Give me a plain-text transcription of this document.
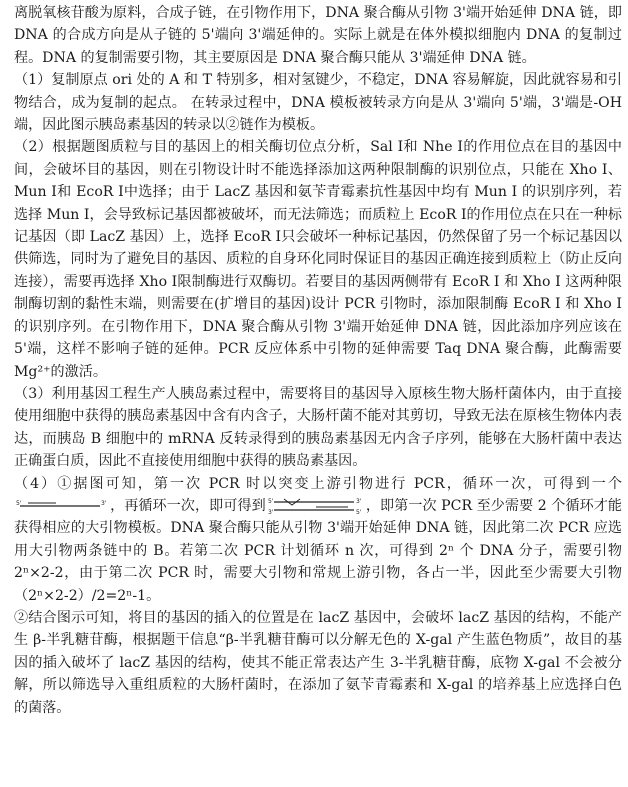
离脱氧核苷酸为原料，合成子链，在引物作用下，DNA 聚合酶从引物 3'端开始延伸 DNA 链，即 DNA 的合成方向是从子链的 5'端向 3'端延伸的。实际上就是在体外模拟细胞内 DNA 的复制过程。DNA 的复制需要引物，其主要原因是 DNA 聚合酶只能从 3'端延伸 DNA 链。

（1）复制原点 ori 处的 A 和 T 特别多，相对氢键少，不稳定，DNA 容易解旋，因此就容易和引物结合，成为复制的起点。 在转录过程中，DNA 模板被转录方向是从 3'端向 5'端，3'端是-OH 端，因此图示胰岛素基因的转录以②链作为模板。

（2）根据题图质粒与目的基因上的相关酶切位点分析，Sal I和 Nhe I的作用位点在目的基因中间，会破坏目的基因，则在引物设计时不能选择添加这两种限制酶的识别位点，只能在 Xho I、Mun I和 EcoR I中选择；由于 LacZ 基因和氨苄青霉素抗性基因中均有 Mun I 的识别序列，若选择 Mun I，会导致标记基因都被破坏，而无法筛选；而质粒上 EcoR I的作用位点在只在一种标记基因（即 LacZ 基因）上，选择 EcoR I只会破坏一种标记基因，仍然保留了另一个标记基因以供筛选，同时为了避免目的基因、质粒的自身环化同时保证目的基因正确连接到质粒上（防止反向连接），需要再选择 Xho I限制酶进行双酶切。若要目的基因两侧带有 EcoR I 和 Xho I 这两种限制酶切割的黏性末端，则需要在(扩增目的基因)设计 PCR 引物时，添加限制酶 EcoR I 和 Xho I 的识别序列。在引物作用下，DNA 聚合酶从引物 3'端开始延伸 DNA 链，因此添加序列应该在 5'端，这样不影响子链的延伸。PCR 反应体系中引物的延伸需要 Taq DNA 聚合酶，此酶需要 Mg²⁺的激活。

（3）利用基因工程生产人胰岛素过程中，需要将目的基因导入原核生物大肠杆菌体内，由于直接使用细胞中获得的胰岛素基因中含有内含子，大肠杆菌不能对其剪切，导致无法在原核生物体内表达，而胰岛 B 细胞中的 mRNA 反转录得到的胰岛素基因无内含子序列，能够在大肠杆菌中表达正确蛋白质，因此不直接使用细胞中获得的胰岛素基因。

（4）①据图可知，第一次 PCR 时以突变上游引物进行 PCR，循环一次，可得到一个
5'	3' ，再循环一次，即可得到 5'	3'
3'	5' ，即第一次 PCR 至少需要 2 个循环才能获得相应的大引物模板。DNA 聚合酶只能从引物 3'端开始延伸 DNA 链，因此第二次 PCR 应选用大引物两条链中的 B。若第二次 PCR 计划循环 n 次，可得到 2ⁿ 个 DNA 分子，需要引物 2ⁿ×2-2，由于第二次 PCR 时，需要大引物和常规上游引物，各占一半，因此至少需要大引物（2ⁿ×2-2）/2=2ⁿ-1。

②结合图示可知，将目的基因的插入的位置是在 lacZ 基因中，会破坏 lacZ 基因的结构，不能产生 β-半乳糖苷酶，根据题干信息“β-半乳糖苷酶可以分解无色的 X-gal 产生蓝色物质”，故目的基因的插入破坏了 lacZ 基因的结构，使其不能正常表达产生 3-半乳糖苷酶，底物 X-gal 不会被分解，所以筛选导入重组质粒的大肠杆菌时，在添加了氨苄青霉素和 X-gal 的培养基上应选择白色的菌落。
